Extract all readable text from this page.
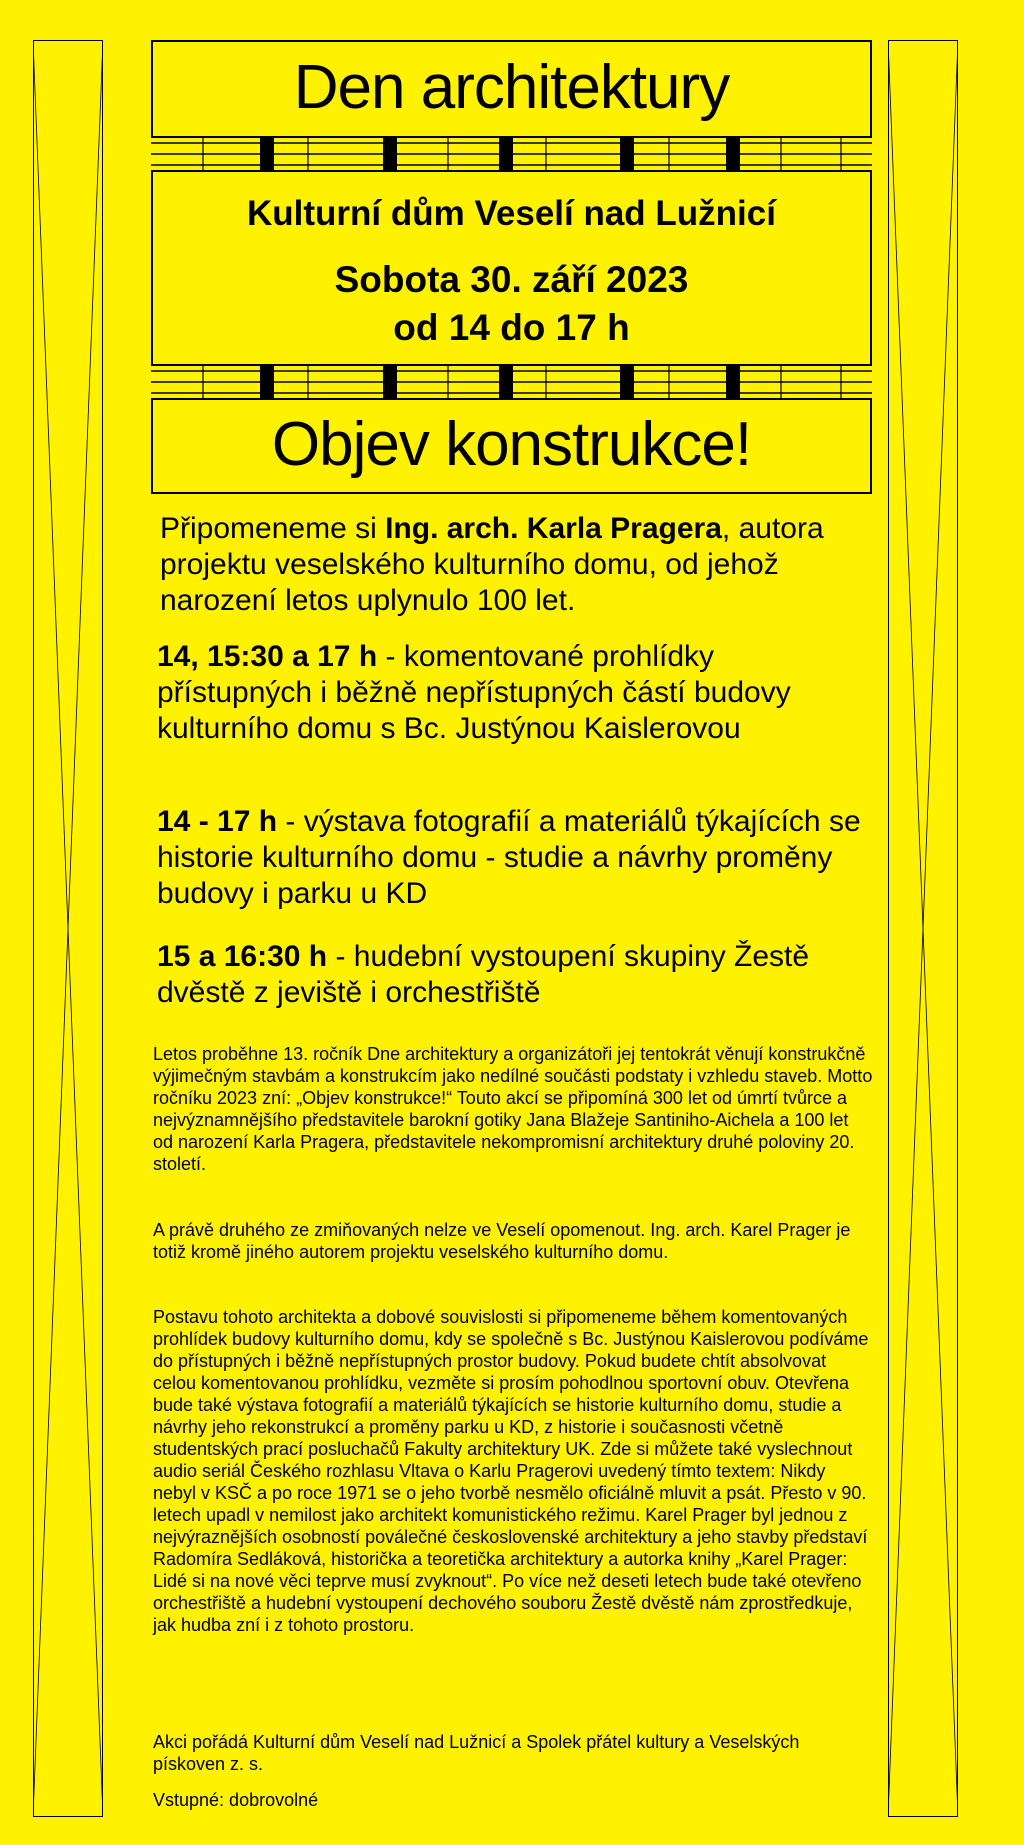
Den architektury
Kulturní dům Veselí nad Lužnicí
Sobota 30. září 2023
od 14 do 17 h
Objev konstrukce!

Připomeneme si Ing. arch. Karla Pragera, autora projektu veselského kulturního domu, od jehož narození letos uplynulo 100 let.

14, 15:30 a 17 h - komentované prohlídky přístupných i běžně nepřístupných částí budovy kulturního domu s Bc. Justýnou Kaislerovou

14 - 17 h - výstava fotografií a materiálů týkajících se historie kulturního domu - studie a návrhy proměny budovy i parku u KD

15 a 16:30 h - hudební vystoupení skupiny Žestě dvěstě z jeviště i orchestřiště

Letos proběhne 13. ročník Dne architektury a organizátoři jej tentokrát věnují konstrukčně výjimečným stavbám a konstrukcím jako nedílné součásti podstaty i vzhledu staveb. Motto ročníku 2023 zní: „Objev konstrukce!“ Touto akcí se připomíná 300 let od úmrtí tvůrce a nejvýznamnějšího představitele barokní gotiky Jana Blažeje Santiniho-Aichela a 100 let od narození Karla Pragera, představitele nekompromisní architektury druhé poloviny 20. století.

A právě druhého ze zmiňovaných nelze ve Veselí opomenout. Ing. arch. Karel Prager je totiž kromě jiného autorem projektu veselského kulturního domu.

Postavu tohoto architekta a dobové souvislosti si připomeneme během komentovaných prohlídek budovy kulturního domu, kdy se společně s Bc. Justýnou Kaislerovou podíváme do přístupných i běžně nepřístupných prostor budovy. Pokud budete chtít absolvovat celou komentovanou prohlídku, vezměte si prosím pohodlnou sportovní obuv. Otevřena bude také výstava fotografií a materiálů týkajících se historie kulturního domu, studie a návrhy jeho rekonstrukcí a proměny parku u KD, z historie i současnosti včetně studentských prací posluchačů Fakulty architektury UK. Zde si můžete také vyslechnout audio seriál Českého rozhlasu Vltava o Karlu Pragerovi uvedený tímto textem: Nikdy nebyl v KSČ a po roce 1971 se o jeho tvorbě nesmělo oficiálně mluvit a psát. Přesto v 90. letech upadl v nemilost jako architekt komunistického režimu. Karel Prager byl jednou z nejvýraznějších osobností poválečné československé architektury a jeho stavby představí Radomíra Sedláková, historička a teoretička architektury a autorka knihy „Karel Prager: Lidé si na nové věci teprve musí zvyknout“. Po více než deseti letech bude také otevřeno orchestřiště a hudební vystoupení dechového souboru Žestě dvěstě nám zprostředkuje, jak hudba zní i z tohoto prostoru.

Akci pořádá Kulturní dům Veselí nad Lužnicí a Spolek přátel kultury a Veselských pískoven z. s.

Vstupné: dobrovolné
